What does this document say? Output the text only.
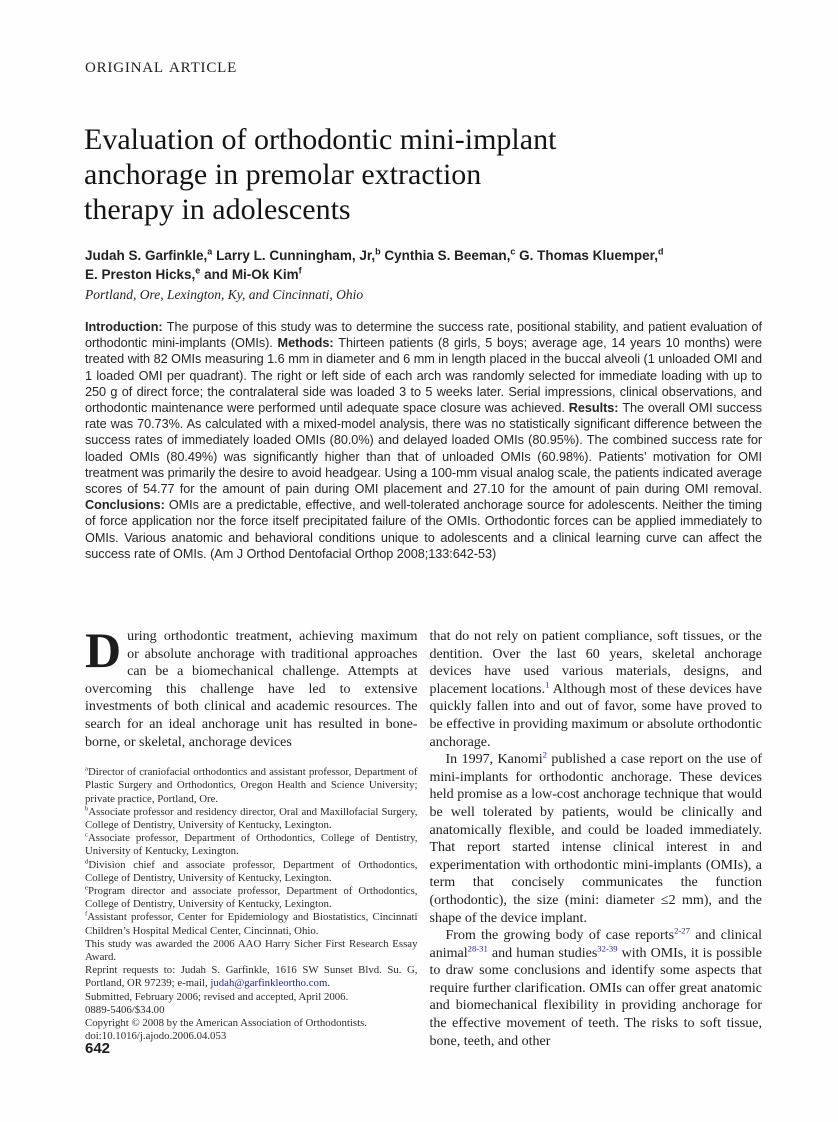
ORIGINAL ARTICLE
Evaluation of orthodontic mini-implant
anchorage in premolar extraction
therapy in adolescents
Judah S. Garfinkle,$^a$ Larry L. Cunningham, Jr,$^b$ Cynthia S. Beeman,$^c$ G. Thomas Kluemper,$^d$
E. Preston Hicks,$^e$ and Mi-Ok Kim$^f$
Portland, Ore, Lexington, Ky, and Cincinnati, Ohio
Introduction: The purpose of this study was to determine the success rate, positional stability, and patient evaluation of orthodontic mini-implants (OMIs). Methods: Thirteen patients (8 girls, 5 boys; average age, 14 years 10 months) were treated with 82 OMIs measuring 1.6 mm in diameter and 6 mm in length placed in the buccal alveoli (1 unloaded OMI and 1 loaded OMI per quadrant). The right or left side of each arch was randomly selected for immediate loading with up to 250 g of direct force; the contralateral side was loaded 3 to 5 weeks later. Serial impressions, clinical observations, and orthodontic maintenance were performed until adequate space closure was achieved. Results: The overall OMI success rate was 70.73%. As calculated with a mixed-model analysis, there was no statistically significant difference between the success rates of immediately loaded OMIs (80.0%) and delayed loaded OMIs (80.95%). The combined success rate for loaded OMIs (80.49%) was significantly higher than that of unloaded OMIs (60.98%). Patients’ motivation for OMI treatment was primarily the desire to avoid headgear. Using a 100-mm visual analog scale, the patients indicated average scores of 54.77 for the amount of pain during OMI placement and 27.10 for the amount of pain during OMI removal. Conclusions: OMIs are a predictable, effective, and well-tolerated anchorage source for adolescents. Neither the timing of force application nor the force itself precipitated failure of the OMIs. Orthodontic forces can be applied immediately to OMIs. Various anatomic and behavioral conditions unique to adolescents and a clinical learning curve can affect the success rate of OMIs. (Am J Orthod Dentofacial Orthop 2008;133:642-53)

During orthodontic treatment, achieving maximum or absolute anchorage with traditional approaches can be a biomechanical challenge. Attempts at overcoming this challenge have led to extensive investments of both clinical and academic resources. The search for an ideal anchorage unit has resulted in bone-borne, or skeletal, anchorage devices

$^a$Director of craniofacial orthodontics and assistant professor, Department of Plastic Surgery and Orthodontics, Oregon Health and Science University; private practice, Portland, Ore.

$^b$Associate professor and residency director, Oral and Maxillofacial Surgery, College of Dentistry, University of Kentucky, Lexington.

$^c$Associate professor, Department of Orthodontics, College of Dentistry, University of Kentucky, Lexington.

$^d$Division chief and associate professor, Department of Orthodontics, College of Dentistry, University of Kentucky, Lexington.

$^e$Program director and associate professor, Department of Orthodontics, College of Dentistry, University of Kentucky, Lexington.

$^f$Assistant professor, Center for Epidemiology and Biostatistics, Cincinnati Children’s Hospital Medical Center, Cincinnati, Ohio.

This study was awarded the 2006 AAO Harry Sicher First Research Essay Award.

Reprint requests to: Judah S. Garfinkle, 1616 SW Sunset Blvd. Su. G, Portland, OR 97239; e-mail, judah@garfinkleortho.com.

Submitted, February 2006; revised and accepted, April 2006.

0889-5406/$34.00

Copyright © 2008 by the American Association of Orthodontists.

doi:10.1016/j.ajodo.2006.04.053

that do not rely on patient compliance, soft tissues, or the dentition. Over the last 60 years, skeletal anchorage devices have used various materials, designs, and placement locations.$^1$ Although most of these devices have quickly fallen into and out of favor, some have proved to be effective in providing maximum or absolute orthodontic anchorage.

In 1997, Kanomi$^2$ published a case report on the use of mini-implants for orthodontic anchorage. These devices held promise as a low-cost anchorage technique that would be well tolerated by patients, would be clinically and anatomically flexible, and could be loaded immediately. That report started intense clinical interest in and experimentation with orthodontic mini-implants (OMIs), a term that concisely communicates the function (orthodontic), the size (mini: diameter ≤2 mm), and the shape of the device implant.

From the growing body of case reports$^{2-27}$ and clinical animal$^{28-31}$ and human studies$^{32-39}$ with OMIs, it is possible to draw some conclusions and identify some aspects that require further clarification. OMIs can offer great anatomic and biomechanical flexibility in providing anchorage for the effective movement of teeth. The risks to soft tissue, bone, teeth, and other

642
